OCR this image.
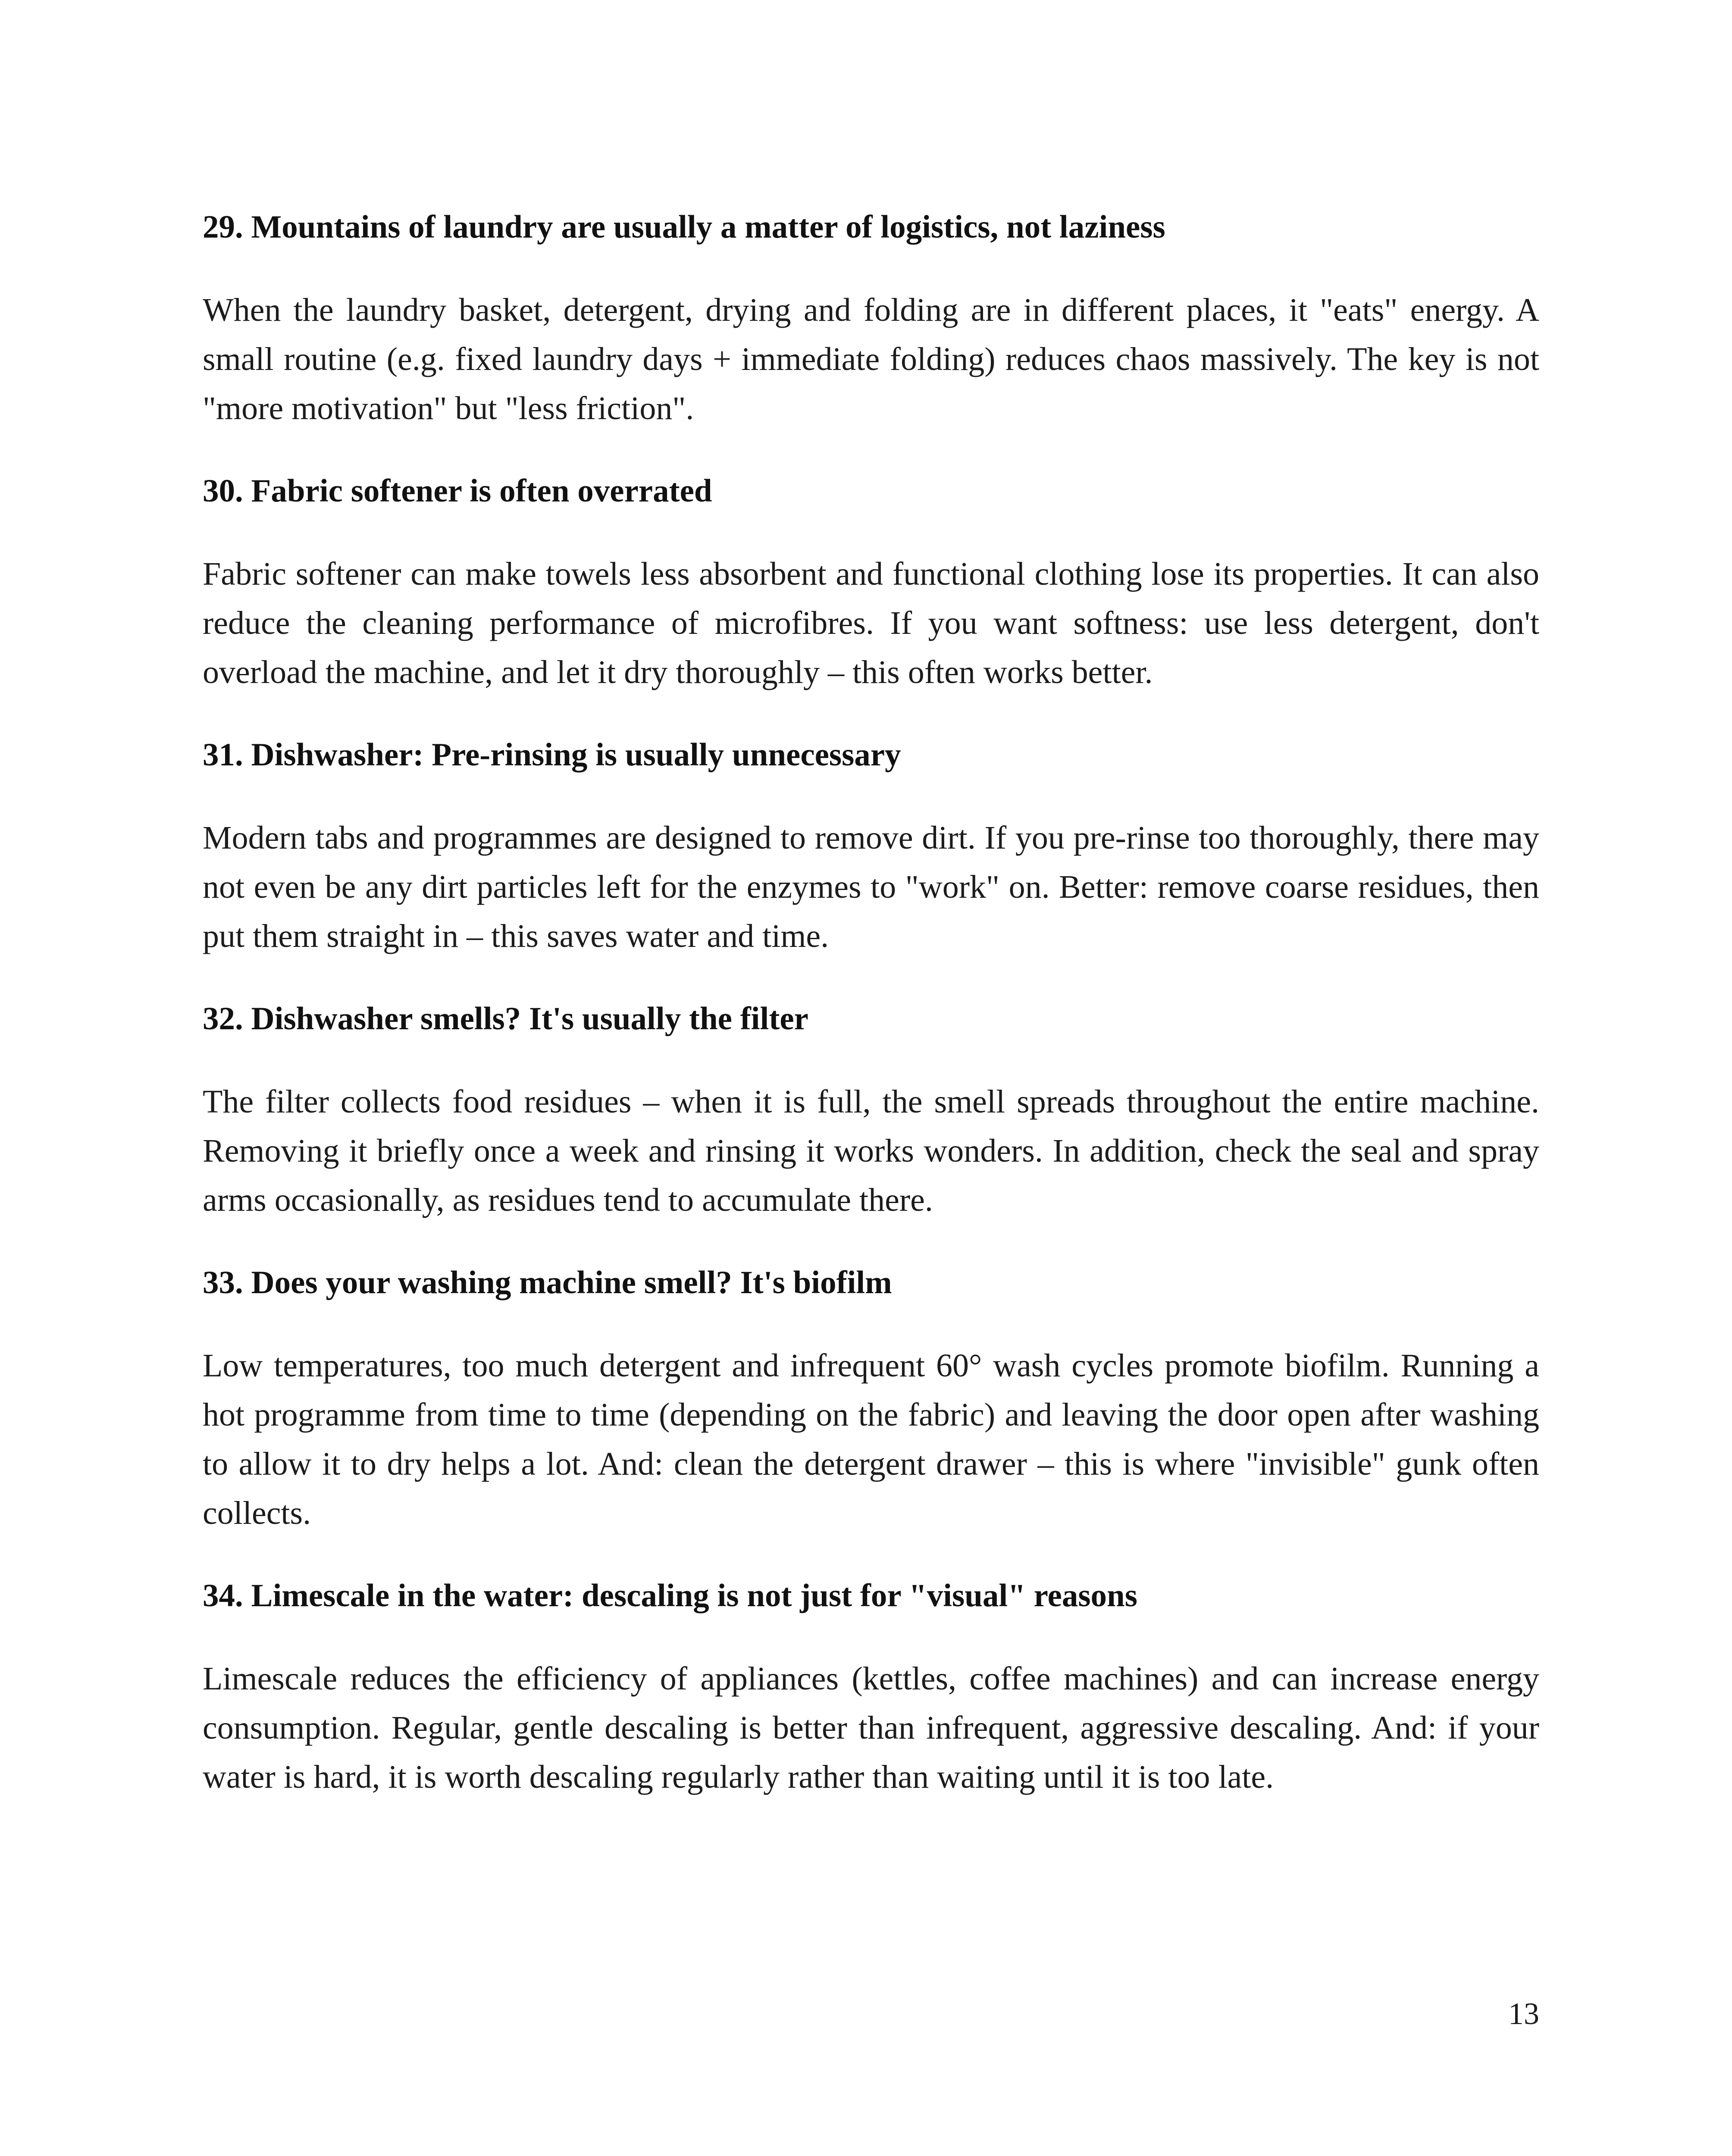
29. Mountains of laundry are usually a matter of logistics, not laziness

When the laundry basket, detergent, drying and folding are in different places, it "eats" energy. A small routine (e.g. fixed laundry days + immediate folding) reduces chaos massively. The key is not "more motivation" but "less friction".

30. Fabric softener is often overrated

Fabric softener can make towels less absorbent and functional clothing lose its properties. It can also reduce the cleaning performance of microfibres. If you want softness: use less detergent, don't overload the machine, and let it dry thoroughly – this often works better.

31. Dishwasher: Pre-rinsing is usually unnecessary

Modern tabs and programmes are designed to remove dirt. If you pre-rinse too thoroughly, there may not even be any dirt particles left for the enzymes to "work" on. Better: remove coarse residues, then put them straight in – this saves water and time.

32. Dishwasher smells? It's usually the filter

The filter collects food residues – when it is full, the smell spreads throughout the entire machine. Removing it briefly once a week and rinsing it works wonders. In addition, check the seal and spray arms occasionally, as residues tend to accumulate there.

33. Does your washing machine smell? It's biofilm

Low temperatures, too much detergent and infrequent 60° wash cycles promote biofilm. Running a hot programme from time to time (depending on the fabric) and leaving the door open after washing to allow it to dry helps a lot. And: clean the detergent drawer – this is where "invisible" gunk often collects.

34. Limescale in the water: descaling is not just for "visual" reasons

Limescale reduces the efficiency of appliances (kettles, coffee machines) and can increase energy consumption. Regular, gentle descaling is better than infrequent, aggressive descaling. And: if your water is hard, it is worth descaling regularly rather than waiting until it is too late.

13
